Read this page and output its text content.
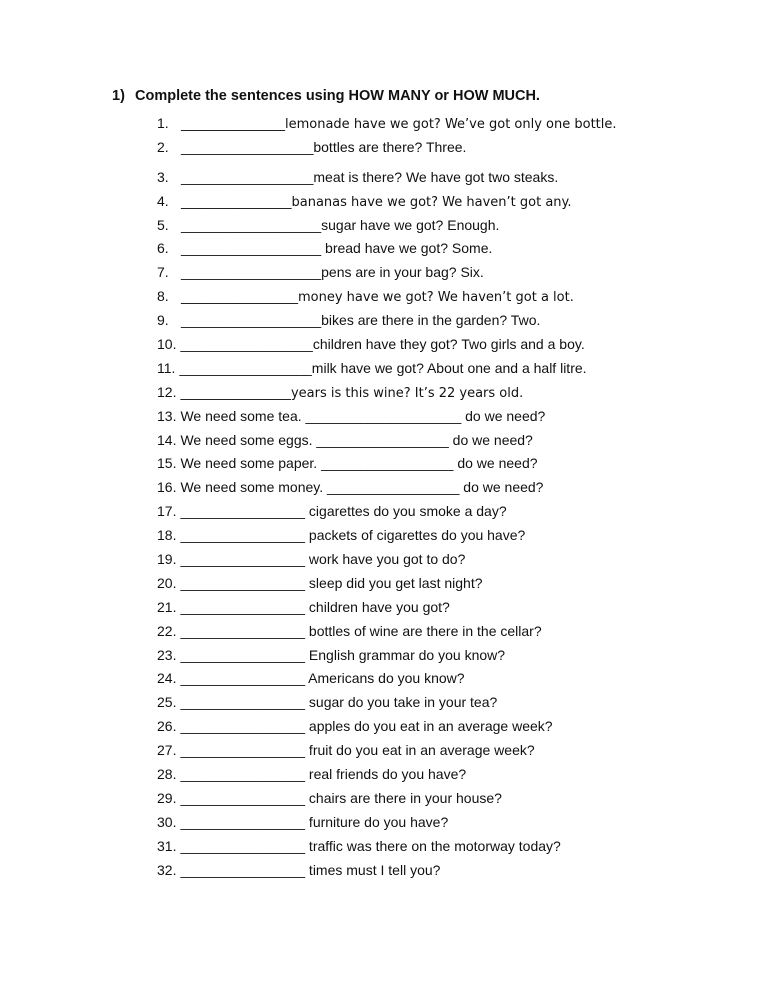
1) Complete the sentences using HOW MANY or HOW MUCH.
1. ________________lemonade have we got? We’ve got only one bottle.
2. _________________bottles are there? Three.
3. _________________meat is there? We have got two steaks.
4. _________________bananas have we got? We haven’t got any.
5. __________________sugar have we got? Enough.
6. __________________ bread have we got? Some.
7. __________________pens are in your bag? Six.
8. __________________money have we got? We haven’t got a lot.
9. __________________bikes are there in the garden? Two.
10. _________________children have they got? Two girls and a boy.
11. _________________milk have we got? About one and a half litre.
12. _________________years is this wine? It’s 22 years old.
13. We need some tea. ____________________ do we need?
14. We need some eggs. _________________ do we need?
15. We need some paper. _________________ do we need?
16. We need some money. _________________ do we need?
17. ________________ cigarettes do you smoke a day?
18. ________________ packets of cigarettes do you have?
19. ________________ work have you got to do?
20. ________________ sleep did you get last night?
21. ________________ children have you got?
22. ________________ bottles of wine are there in the cellar?
23. ________________ English grammar do you know?
24. ________________ Americans do you know?
25. ________________ sugar do you take in your tea?
26. ________________ apples do you eat in an average week?
27. ________________ fruit do you eat in an average week?
28. ________________ real friends do you have?
29. ________________ chairs are there in your house?
30. ________________ furniture do you have?
31. ________________ traffic was there on the motorway today?
32. ________________ times must I tell you?
